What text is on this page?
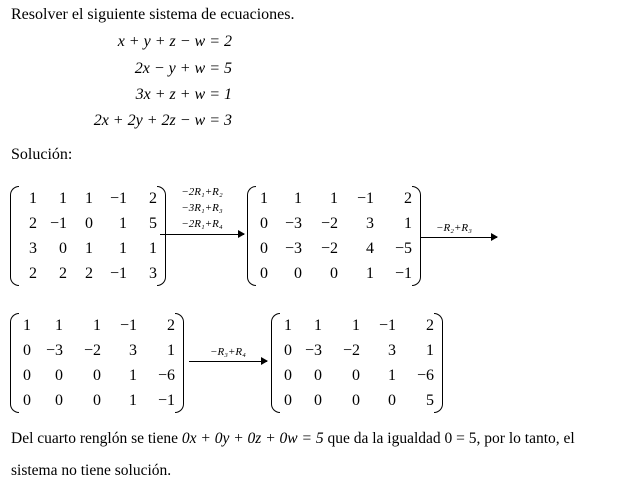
Resolver el siguiente sistema de ecuaciones.
x + y + z − w = 2
2x − y + w = 5
3x + z + w = 1
2x + 2y + 2z − w = 3
Solución:
1	1	1	−1	2
2	−1	0	1	5
3	0	1	1	1
2	2	2	−1	3
−2R₁+R₂
−3R₁+R₃
−2R₁+R₄
1	1	1	−1	2
0	−3	−2	3	1
0	−3	−2	4	−5
0	0	0	1	−1
−R₂+R₃
1	1	1	−1	2
0	−3	−2	3	1
0	0	0	1	−6
0	0	0	1	−1
−R₃+R₄
1	1	1	−1	2
0	−3	−2	3	1
0	0	0	1	−6
0	0	0	0	5
Del cuarto renglón se tiene 0x + 0y + 0z + 0w = 5 que da la igualdad 0 = 5, por lo tanto, el
sistema no tiene solución.
